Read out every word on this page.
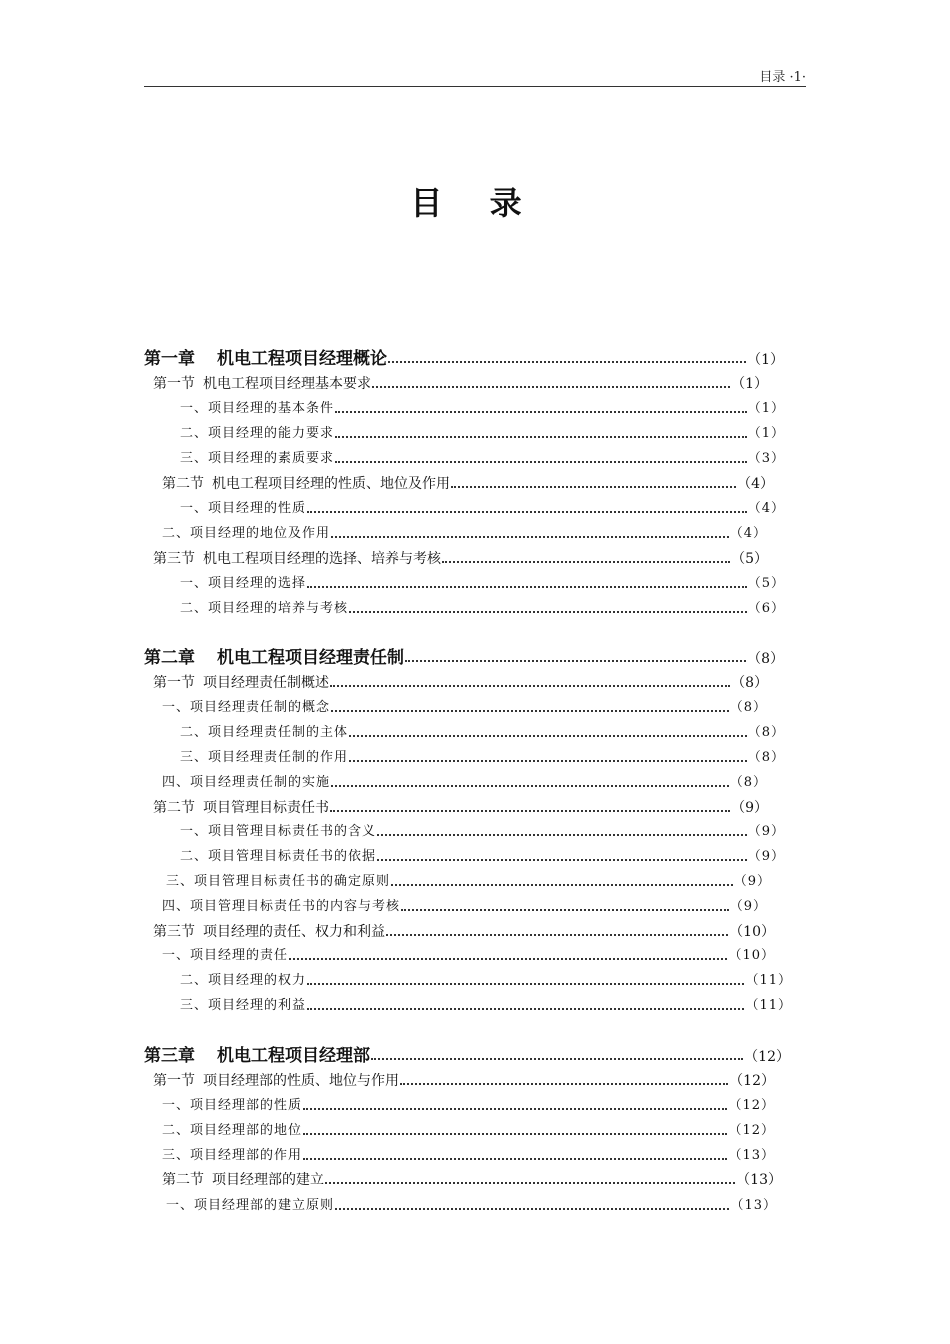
目录 ·1·
目 录
第一章 机电工程项目经理概论	（1）
第一节 机电工程项目经理基本要求	（1）
一、项目经理的基本条件	（1）
二、项目经理的能力要求	（1）
三、项目经理的素质要求	（3）
第二节 机电工程项目经理的性质、地位及作用	（4）
一、项目经理的性质	（4）
二、项目经理的地位及作用	（4）
第三节 机电工程项目经理的选择、培养与考核	（5）
一、项目经理的选择	（5）
二、项目经理的培养与考核	（6）
第二章 机电工程项目经理责任制	（8）
第一节 项目经理责任制概述	（8）
一、项目经理责任制的概念	（8）
二、项目经理责任制的主体	（8）
三、项目经理责任制的作用	（8）
四、项目经理责任制的实施	（8）
第二节 项目管理目标责任书	（9）
一、项目管理目标责任书的含义	（9）
二、项目管理目标责任书的依据	（9）
三、项目管理目标责任书的确定原则	（9）
四、项目管理目标责任书的内容与考核	（9）
第三节 项目经理的责任、权力和利益	（10）
一、项目经理的责任	（10）
二、项目经理的权力	（11）
三、项目经理的利益	（11）
第三章 机电工程项目经理部	（12）
第一节 项目经理部的性质、地位与作用	（12）
一、项目经理部的性质	（12）
二、项目经理部的地位	（12）
三、项目经理部的作用	（13）
第二节 项目经理部的建立	（13）
一、项目经理部的建立原则	（13）
